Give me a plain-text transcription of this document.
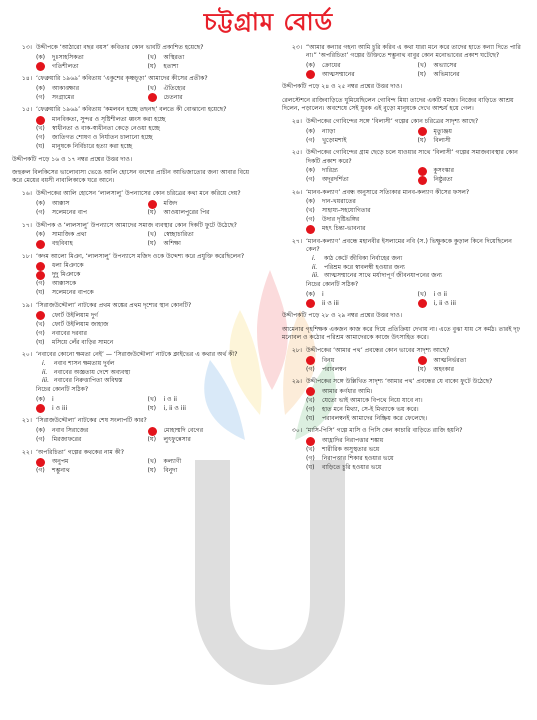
চট্টগ্রাম বোর্ড
১৩। উদ্দীপকে ‘আঠারো বছর বয়স’ কবিতার কোন ভাবটি প্রকাশিত হয়েছে?
(ক)	দুঃসাহসিকতা	(খ)	অস্থিরতা
গতিশীলতা	(ঘ)	হতাশা
১৪। ‘ফেব্রুয়ারি ১৯৬৯’ কবিতায় ‘একুশের কৃষ্ণচূড়া’ আমাদের কীসের প্রতীক?
(ক)	আকাঙ্ক্ষার	(খ)	ঐতিহ্যের
(গ)	সংগ্রামের	চেতনার
১৫। ‘ফেব্রুয়ারি ১৯৬৯’ কবিতায় ‘কমলবন হচ্ছে তছনছ’ বলতে কী বোঝানো হয়েছে?
মানবিকতা, সুন্দর ও সৃষ্টিশীলতা ধ্বংস করা হচ্ছে
(খ)	স্বাধীনতা ও বাক-স্বাধীনতা কেড়ে নেওয়া হচ্ছে
(গ)	জাতিগত শোষণ ও নির্যাতন চালানো হচ্ছে
(ঘ)	মানুষকে নির্বিচারে হত্যা করা হচ্ছে
উদ্দীপকটি পড়ে ১৬ ও ১৭ নম্বর প্রশ্নের উত্তর দাও।
জহুরুল বিলকিসের ভালোবাসা ভেঙে আলি হোসেন বংশের প্রাচীন আভিজাত্যের জন্য আবার বিয়ে করে মেয়ের বয়সী নাবালিকাকে ঘরে আনে।
১৬। উদ্দীপকের আলি হোসেন ‘লালসালু’ উপন্যাসের কোন চরিত্রের কথা মনে করিয়ে দেয়?
(ক)	আক্কাস	মজিদ
(গ)	সলেমনের বাপ	(ঘ)	আওয়ালপুরের পির
১৭। উদ্দীপক ও ‘লালসালু’ উপন্যাসে আমাদের সমাজ ব্যবস্থার কোন দিকটি ফুটে উঠেছে?
(ক)	সামাজিক প্রথা	(খ)	স্বেচ্ছাচারিতা
বহুবিবাহ	(ঘ)	অশিক্ষা
১৮। ‘কদম আলো মিঞা, ‘লালসালু’ উপন্যাসে মজিদ ওকে উদ্দেশ্য করে প্রযুক্তি করেছিলেন?
ধলা মিঞাকে
দুদু মিঞাকে
(গ)	আক্কাসকে
(ঘ)	সলেমনের বাপকে
১৯। ‘সিরাজউদ্দৌলা’ নাটকের প্রথম অঙ্কের প্রথম দৃশ্যের স্থান কোনটি?
ফোর্ট উইলিয়াম দুর্গ
(খ)	ফোর্ট উইলিয়াম জাহাজ
(গ)	নবাবের দরবার
(ঘ)	মসিয়ে লেঁর বাড়ির সামনে
২০। ‘নবাবের কোনো ক্ষমতা নেই’ — ‘সিরাজউদ্দৌলা’ নাটকে ক্লাইভের এ কথার অর্থ কী?
i.	নবাব শাসন ক্ষমতায় দুর্বল
ii.	নবাবের অজ্ঞতায় দেশে অব্যবস্থা
iii. নবাবের নিরুত্তাপিতা অবিশ্বস্ত
নিচের কোনটি সঠিক?
(ক)	i	(খ)	i ও ii
i ও iii	(ঘ)	i, ii ও iii
২১। ‘সিরাজউদ্দৌলা’ নাটকের শেষ সংলাপটি কার?
(ক)	নবাব সিরাজের	মোহাম্মদি বেগের
(গ)	মিরজাফরের	(ঘ)	লুৎফুন্নেসার
২২। ‘অপরিচিতা’ গল্পের কথকের নাম কী?
অনুপম	(খ)	কল্যাণী
(গ)	শম্ভুনাথ	(ঘ)	বিনুদা
২৩। “আমার কন্যার গহনা আমি চুরি করিব এ কথা যারা মনে করে তাদের হাতে কন্যা দিতে পারি না।” ‘অপরিচিতা’ গল্পের উক্তিতে শম্ভুনাথ বাবুর কোন মনোভাবের প্রকাশ ঘটেছে?
(ক)	ক্রোধের	(খ)	অভ্যাসের
আত্মসম্মানের	(ঘ)	অভিমানের
উদ্দীপকটি পড়ে ২৪ ও ২৫ নম্বর প্রশ্নের উত্তর দাও।
রেলস্টেশনে রাজিবাড়িতে ঘুমিয়েছিলেন গোবিন্দ মিয়া তাদের একটি যমজ। নিজের বাড়িতে আশ্রয় দিলেন, পড়ালেন। অবশেষে সেই যুবক এই বুড়ো মানুষকে দেখে আশ্চর্য হয়ে গেল।
২৪। উদ্দীপকের গোবিন্দের সঙ্গে ‘বিলাসী’ গল্পের কোন চরিত্রের সাদৃশ্য আছে?
(ক)	ন্যাড়া	মৃত্যুঞ্জয়
(গ)	খুড়োমশাই	(ঘ)	বিলাসী
২৫। উদ্দীপকের গোবিন্দের গ্রাম ছেড়ে চলে যাওয়ার সাথে ‘বিলাসী’ গল্পের সমাজব্যবস্থার কোন দিকটি প্রকাশ করে?
(ক)	দারিদ্র্য	কুসংস্কার
(গ)	অদূরদর্শিতা	নিষ্ঠুরতা
২৬। ‘মানব-কল্যাণ’ প্রবন্ধ অনুসারে সত্যিকার মানব-কল্যাণ কীসের ফসল?
(ক)	দান-খয়রাতের
(খ)	সাহায্য-সহযোগিতার
(গ)	উদার দৃষ্টিভঙ্গির
মহৎ চিন্তা-ভাবনার
২৭। ‘মানব-কল্যাণ’ প্রবন্ধে মহানবীর ইসলামের নবি (স.) ভিক্ষুককে কুড়াল কিনে দিয়েছিলেন কেন?
i.	কাঠ কেটে জীবিকা নির্বাহের জন্য
ii.	পরিশ্রম করে স্বাবলম্বী হওয়ার জন্য
iii. আত্মসম্মানের সাথে মর্যাদাপূর্ণ জীবনযাপনের জন্য
নিচের কোনটি সঠিক?
(ক)	i	(খ)	i ও ii
ii ও iii	i, ii ও iii
উদ্দীপকটি পড়ে ২৮ ও ২৯ নম্বর প্রশ্নের উত্তর দাও।
আমেনার গৃহশিক্ষক একজন কাজ করে দিয়ে প্রতিক্রিয়া দেখায় না। এতে বুঝা যায় সে কর্মঠ। তারই দৃঢ় মনোবল ও কঠোর পরিশ্রম আমাদেরকে কাজে উৎসাহিত করে।
২৮। উদ্দীপকের ‘আমার পথ’ প্রবন্ধের কোন ভাবের সাদৃশ্য আছে?
বিনয়	আত্মনির্ভরতা
(গ)	পরাবলম্বন	(ঘ)	অহংকার
২৯। উদ্দীপকের সঙ্গে উল্লিখিত সাদৃশ্য ‘আমার পথ’ প্রবন্ধের যে বাক্যে ফুটে উঠেছে?
আমার কর্ণধার আমি।
(খ)	যেতো ভাই আমাকে বিপথে নিয়ে যাবে না।
(গ)	হাত মনে মিথ্যা, সে-ই মিথ্যাকে ভয় করে।
(ঘ)	পরাবলম্বনই আমাদের নিষ্ক্রিয় করে ফেলেছে।
৩০। ‘মাসি-পিসি’ গল্পে মাসি ও পিসি কেন কাচারি বাড়িতে রাজি হয়নি?
আহ্লাদির নিরাপত্তার শঙ্কায়
(খ)	শারীরিক অসুস্থতার ভয়ে
(গ)	নিরাপত্তার শিকার হওয়ার ভয়ে
(ঘ)	বাড়িতে চুরি হওয়ার ভয়ে
